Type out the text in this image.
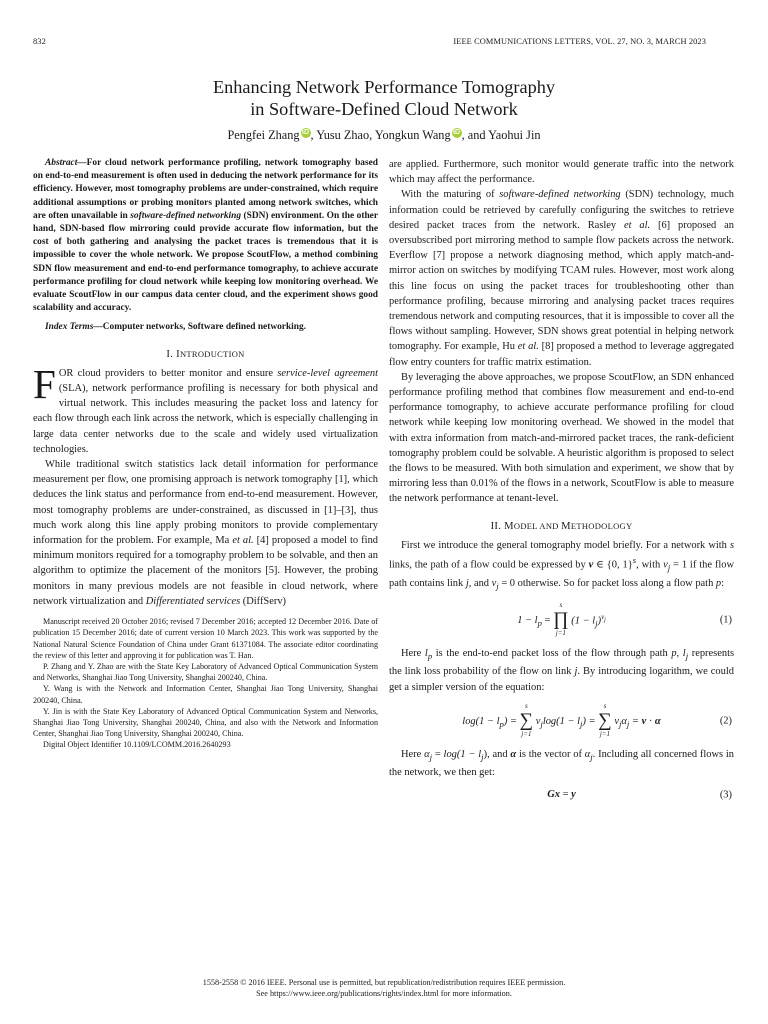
832	IEEE COMMUNICATIONS LETTERS, VOL. 27, NO. 3, MARCH 2023
Enhancing Network Performance Tomography
in Software-Defined Cloud Network
Pengfei Zhang iD , Yusu Zhao, Yongkun Wang iD , and Yaohui Jin

Abstract—For cloud network performance profiling, network tomography based on end-to-end measurement is often used in deducing the network performance for its efficiency. However, most tomography problems are under-constrained, which require additional assumptions or probing monitors planted among network switches, which are often unavailable in software-defined networking (SDN) environment. On the other hand, SDN-based flow mirroring could provide accurate flow information, but the cost of both gathering and analysing the packet traces is tremendous that it is impossible to cover the whole network. We propose ScoutFlow, a method combining SDN flow measurement and end-to-end performance tomography, to achieve accurate performance profiling for cloud network while keeping low monitoring overhead. We evaluate ScoutFlow in our campus data center cloud, and the experiment shows good scalability and accuracy.

Index Terms—Computer networks, Software defined networking.

I. INTRODUCTION

FOR cloud providers to better monitor and ensure service-level agreement (SLA), network performance profiling is necessary for both physical and virtual network. This includes measuring the packet loss and latency for each flow through each link across the network, which is especially challenging in large data center networks due to the scale and widely used virtualization technologies.

While traditional switch statistics lack detail information for performance measurement per flow, one promising approach is network tomography [1], which deduces the link status and performance from end-to-end measurement. However, most tomography problems are under-constrained, as discussed in [1]–[3], thus much work along this line apply probing monitors to provide complementary information for the problem. For example, Ma et al. [4] proposed a model to find minimum monitors required for a tomography problem to be solvable, and then an algorithm to optimize the placement of the monitors [5]. However, the probing monitors in many previous models are not feasible in cloud network, where network virtualization and Differentiated services (DiffServ)

Manuscript received 20 October 2016; revised 7 December 2016; accepted 12 December 2016. Date of publication 15 December 2016; date of current version 10 March 2023. This work was supported by the National Natural Science Foundation of China under Grant 61371084. The associate editor coordinating the review of this letter and approving it for publication was T. Han.

P. Zhang and Y. Zhao are with the State Key Laboratory of Advanced Optical Communication System and Networks, Shanghai Jiao Tong University, Shanghai 200240, China.

Y. Wang is with the Network and Information Center, Shanghai Jiao Tong University, Shanghai 200240, China.

Y. Jin is with the State Key Laboratory of Advanced Optical Communication System and Networks, Shanghai Jiao Tong University, Shanghai 200240, China, and also with the Network and Information Center, Shanghai Jiao Tong University, Shanghai 200240, China.

Digital Object Identifier 10.1109/LCOMM.2016.2640293

are applied. Furthermore, such monitor would generate traffic into the network which may affect the performance.

With the maturing of software-defined networking (SDN) technology, much information could be retrieved by carefully configuring the switches to retrieve desired packet traces from the network. Rasley et al. [6] proposed an oversubscribed port mirroring method to sample flow packets across the network. Everflow [7] propose a network diagnosing method, which apply match-and-mirror action on switches by modifying TCAM rules. However, most work along this line focus on using the packet traces for troubleshooting other than performance profiling, because mirroring and analysing packet traces requires tremendous network and computing resources, that it is impossible to cover all the flows without sampling. However, SDN shows great potential in helping network tomography. For example, Hu et al. [8] proposed a method to leverage aggregated flow entry counters for traffic matrix estimation.

By leveraging the above approaches, we propose ScoutFlow, an SDN enhanced performance profiling method that combines flow measurement and end-to-end performance tomography, to achieve accurate performance profiling for cloud network while keeping low monitoring overhead. We showed in the model that with extra information from match-and-mirrored packet traces, the rank-deficient tomography problem could be solvable. A heuristic algorithm is proposed to select the flows to be measured. With both simulation and experiment, we show that by mirroring less than 0.01% of the flows in a network, ScoutFlow is able to measure the network performance at tenant-level.

II. MODEL AND METHODOLOGY

First we introduce the general tomography model briefly. For a network with s links, the path of a flow could be expressed by v ∈ {0, 1}$^s$, with $v_j = 1$ if the flow path contains link j, and $v_j = 0$ otherwise. So for packet loss along a flow path p:

$1 - l_p$ =
s
∏
j=1
$(1 - l_j)^{v_j}$	(1)

Here $l_p$ is the end-to-end packet loss of the flow through path p, $l_j$ represents the link loss probability of the flow on link j. By introducing logarithm, we could get a simpler version of the equation:

$\log(1 - l_p)$ =
s
∑
j=1
$v_j\log(1 - l_j)$ =
s
∑
j=1
$v_j\alpha_j = v \cdot \alpha$	(2)

Here $\alpha_j = \log(1 - l_j)$, and α is the vector of $\alpha_j$. Including all concerned flows in the network, we then get:

Gx = y	(3)
1558-2558 © 2016 IEEE. Personal use is permitted, but republication/redistribution requires IEEE permission.
See https://www.ieee.org/publications/rights/index.html for more information.
